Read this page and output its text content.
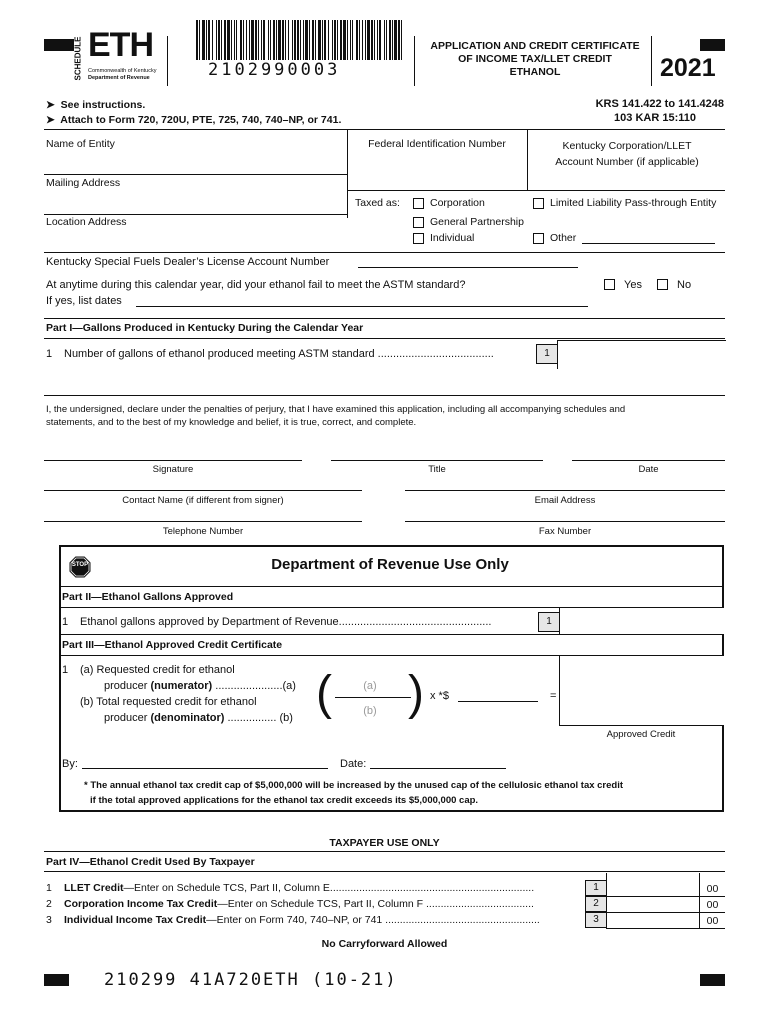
SCHEDULE ETH
Commonwealth of Kentucky
Department of Revenue	2102990003
APPLICATION AND CREDIT CERTIFICATE
OF INCOME TAX/LLET CREDIT
ETHANOL	2021
➤  See instructions.
➤  Attach to Form 720, 720U, PTE, 725, 740, 740–NP, or 741.
KRS 141.422 to 141.4248
103 KAR 15:110
Name of Entity	Federal Identification Number	Kentucky Corporation/LLET
Account Number (if applicable)
Mailing Address
Taxed as:	Corporation	Limited Liability Pass-through Entity
Location Address	General Partnership
Individual	Other
Kentucky Special Fuels Dealer’s License Account Number
At anytime during this calendar year, did your ethanol fail to meet the ASTM standard?	Yes	No
If yes, list dates
Part I—Gallons Produced in Kentucky During the Calendar Year
1 Number of gallons of ethanol produced meeting ASTM standard ......................................	1
I, the undersigned, declare under the penalties of perjury, that I have examined this application, including all accompanying schedules and
statements, and to the best of my knowledge and belief, it is true, correct, and complete.
Signature	Title	Date
Contact Name (if different from signer)	Email Address
Telephone Number	Fax Number
STOP	Department of Revenue Use Only
Part II—Ethanol Gallons Approved
1 Ethanol gallons approved by Department of Revenue..................................................	1
Part III—Ethanol Approved Credit Certificate
1 (a) Requested credit for ethanol
producer (numerator) ......................(a)
(b) Total requested credit for ethanol
producer (denominator) ................ (b) (	(a)
(b) ) x *$	=
Approved Credit
By:	Date:
* The annual ethanol tax credit cap of $5,000,000 will be increased by the unused cap of the cellulosic ethanol tax credit
if the total approved applications for the ethanol tax credit exceeds its $5,000,000 cap.
TAXPAYER USE ONLY
Part IV—Ethanol Credit Used By Taxpayer
1 LLET Credit—Enter on Schedule TCS, Part II, Column E......................................................................	1	00
2 Corporation Income Tax Credit—Enter on Schedule TCS, Part II, Column F .....................................	2	00
3 Individual Income Tax Credit—Enter on Form 740, 740–NP, or 741 .....................................................	3	00
No Carryforward Allowed
210299 41A720ETH (10-21)
